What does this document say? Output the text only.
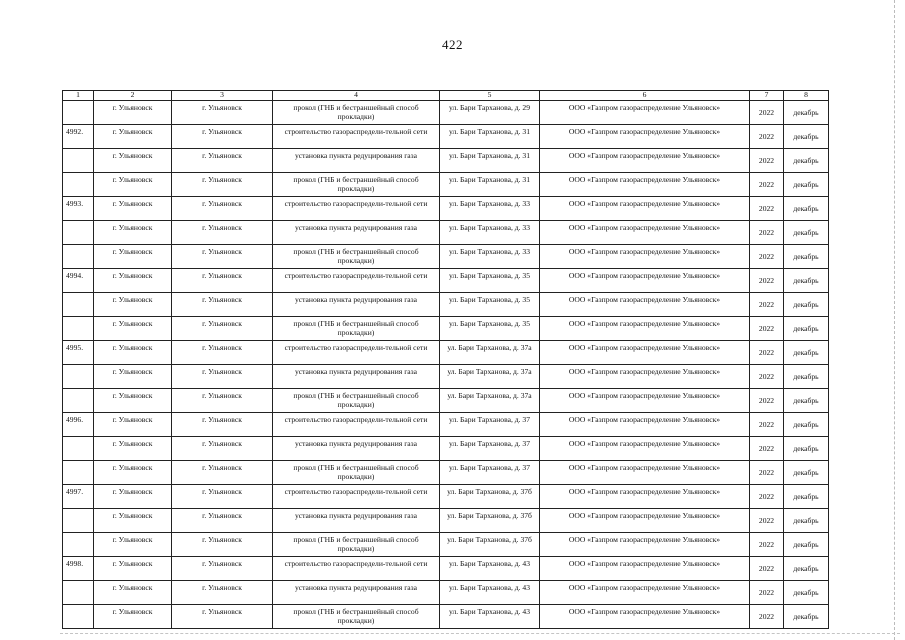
422
1	2	3	4	5	6	7	8
	г. Ульяновск	г. Ульяновск	прокол (ГНБ и бестраншейный способ прокладки)	ул. Бари Тарханова, д. 29	ООО «Газпром газораспределение Ульяновск»	2022	декабрь
4992.	г. Ульяновск	г. Ульяновск	строительство газораспредели-тельной сети	ул. Бари Тарханова, д. 31	ООО «Газпром газораспределение Ульяновск»	2022	декабрь
	г. Ульяновск	г. Ульяновск	установка пункта редуцирования газа	ул. Бари Тарханова, д. 31	ООО «Газпром газораспределение Ульяновск»	2022	декабрь
	г. Ульяновск	г. Ульяновск	прокол (ГНБ и бестраншейный способ прокладки)	ул. Бари Тарханова, д. 31	ООО «Газпром газораспределение Ульяновск»	2022	декабрь
4993.	г. Ульяновск	г. Ульяновск	строительство газораспредели-тельной сети	ул. Бари Тарханова, д. 33	ООО «Газпром газораспределение Ульяновск»	2022	декабрь
	г. Ульяновск	г. Ульяновск	установка пункта редуцирования газа	ул. Бари Тарханова, д. 33	ООО «Газпром газораспределение Ульяновск»	2022	декабрь
	г. Ульяновск	г. Ульяновск	прокол (ГНБ и бестраншейный способ прокладки)	ул. Бари Тарханова, д. 33	ООО «Газпром газораспределение Ульяновск»	2022	декабрь
4994.	г. Ульяновск	г. Ульяновск	строительство газораспредели-тельной сети	ул. Бари Тарханова, д. 35	ООО «Газпром газораспределение Ульяновск»	2022	декабрь
	г. Ульяновск	г. Ульяновск	установка пункта редуцирования газа	ул. Бари Тарханова, д. 35	ООО «Газпром газораспределение Ульяновск»	2022	декабрь
	г. Ульяновск	г. Ульяновск	прокол (ГНБ и бестраншейный способ прокладки)	ул. Бари Тарханова, д. 35	ООО «Газпром газораспределение Ульяновск»	2022	декабрь
4995.	г. Ульяновск	г. Ульяновск	строительство газораспредели-тельной сети	ул. Бари Тарханова, д. 37а	ООО «Газпром газораспределение Ульяновск»	2022	декабрь
	г. Ульяновск	г. Ульяновск	установка пункта редуцирования газа	ул. Бари Тарханова, д. 37а	ООО «Газпром газораспределение Ульяновск»	2022	декабрь
	г. Ульяновск	г. Ульяновск	прокол (ГНБ и бестраншейный способ прокладки)	ул. Бари Тарханова, д. 37а	ООО «Газпром газораспределение Ульяновск»	2022	декабрь
4996.	г. Ульяновск	г. Ульяновск	строительство газораспредели-тельной сети	ул. Бари Тарханова, д. 37	ООО «Газпром газораспределение Ульяновск»	2022	декабрь
	г. Ульяновск	г. Ульяновск	установка пункта редуцирования газа	ул. Бари Тарханова, д. 37	ООО «Газпром газораспределение Ульяновск»	2022	декабрь
	г. Ульяновск	г. Ульяновск	прокол (ГНБ и бестраншейный способ прокладки)	ул. Бари Тарханова, д. 37	ООО «Газпром газораспределение Ульяновск»	2022	декабрь
4997.	г. Ульяновск	г. Ульяновск	строительство газораспредели-тельной сети	ул. Бари Тарханова, д. 37б	ООО «Газпром газораспределение Ульяновск»	2022	декабрь
	г. Ульяновск	г. Ульяновск	установка пункта редуцирования газа	ул. Бари Тарханова, д. 37б	ООО «Газпром газораспределение Ульяновск»	2022	декабрь
	г. Ульяновск	г. Ульяновск	прокол (ГНБ и бестраншейный способ прокладки)	ул. Бари Тарханова, д. 37б	ООО «Газпром газораспределение Ульяновск»	2022	декабрь
4998.	г. Ульяновск	г. Ульяновск	строительство газораспредели-тельной сети	ул. Бари Тарханова, д. 43	ООО «Газпром газораспределение Ульяновск»	2022	декабрь
	г. Ульяновск	г. Ульяновск	установка пункта редуцирования газа	ул. Бари Тарханова, д. 43	ООО «Газпром газораспределение Ульяновск»	2022	декабрь
	г. Ульяновск	г. Ульяновск	прокол (ГНБ и бестраншейный способ прокладки)	ул. Бари Тарханова, д. 43	ООО «Газпром газораспределение Ульяновск»	2022	декабрь
